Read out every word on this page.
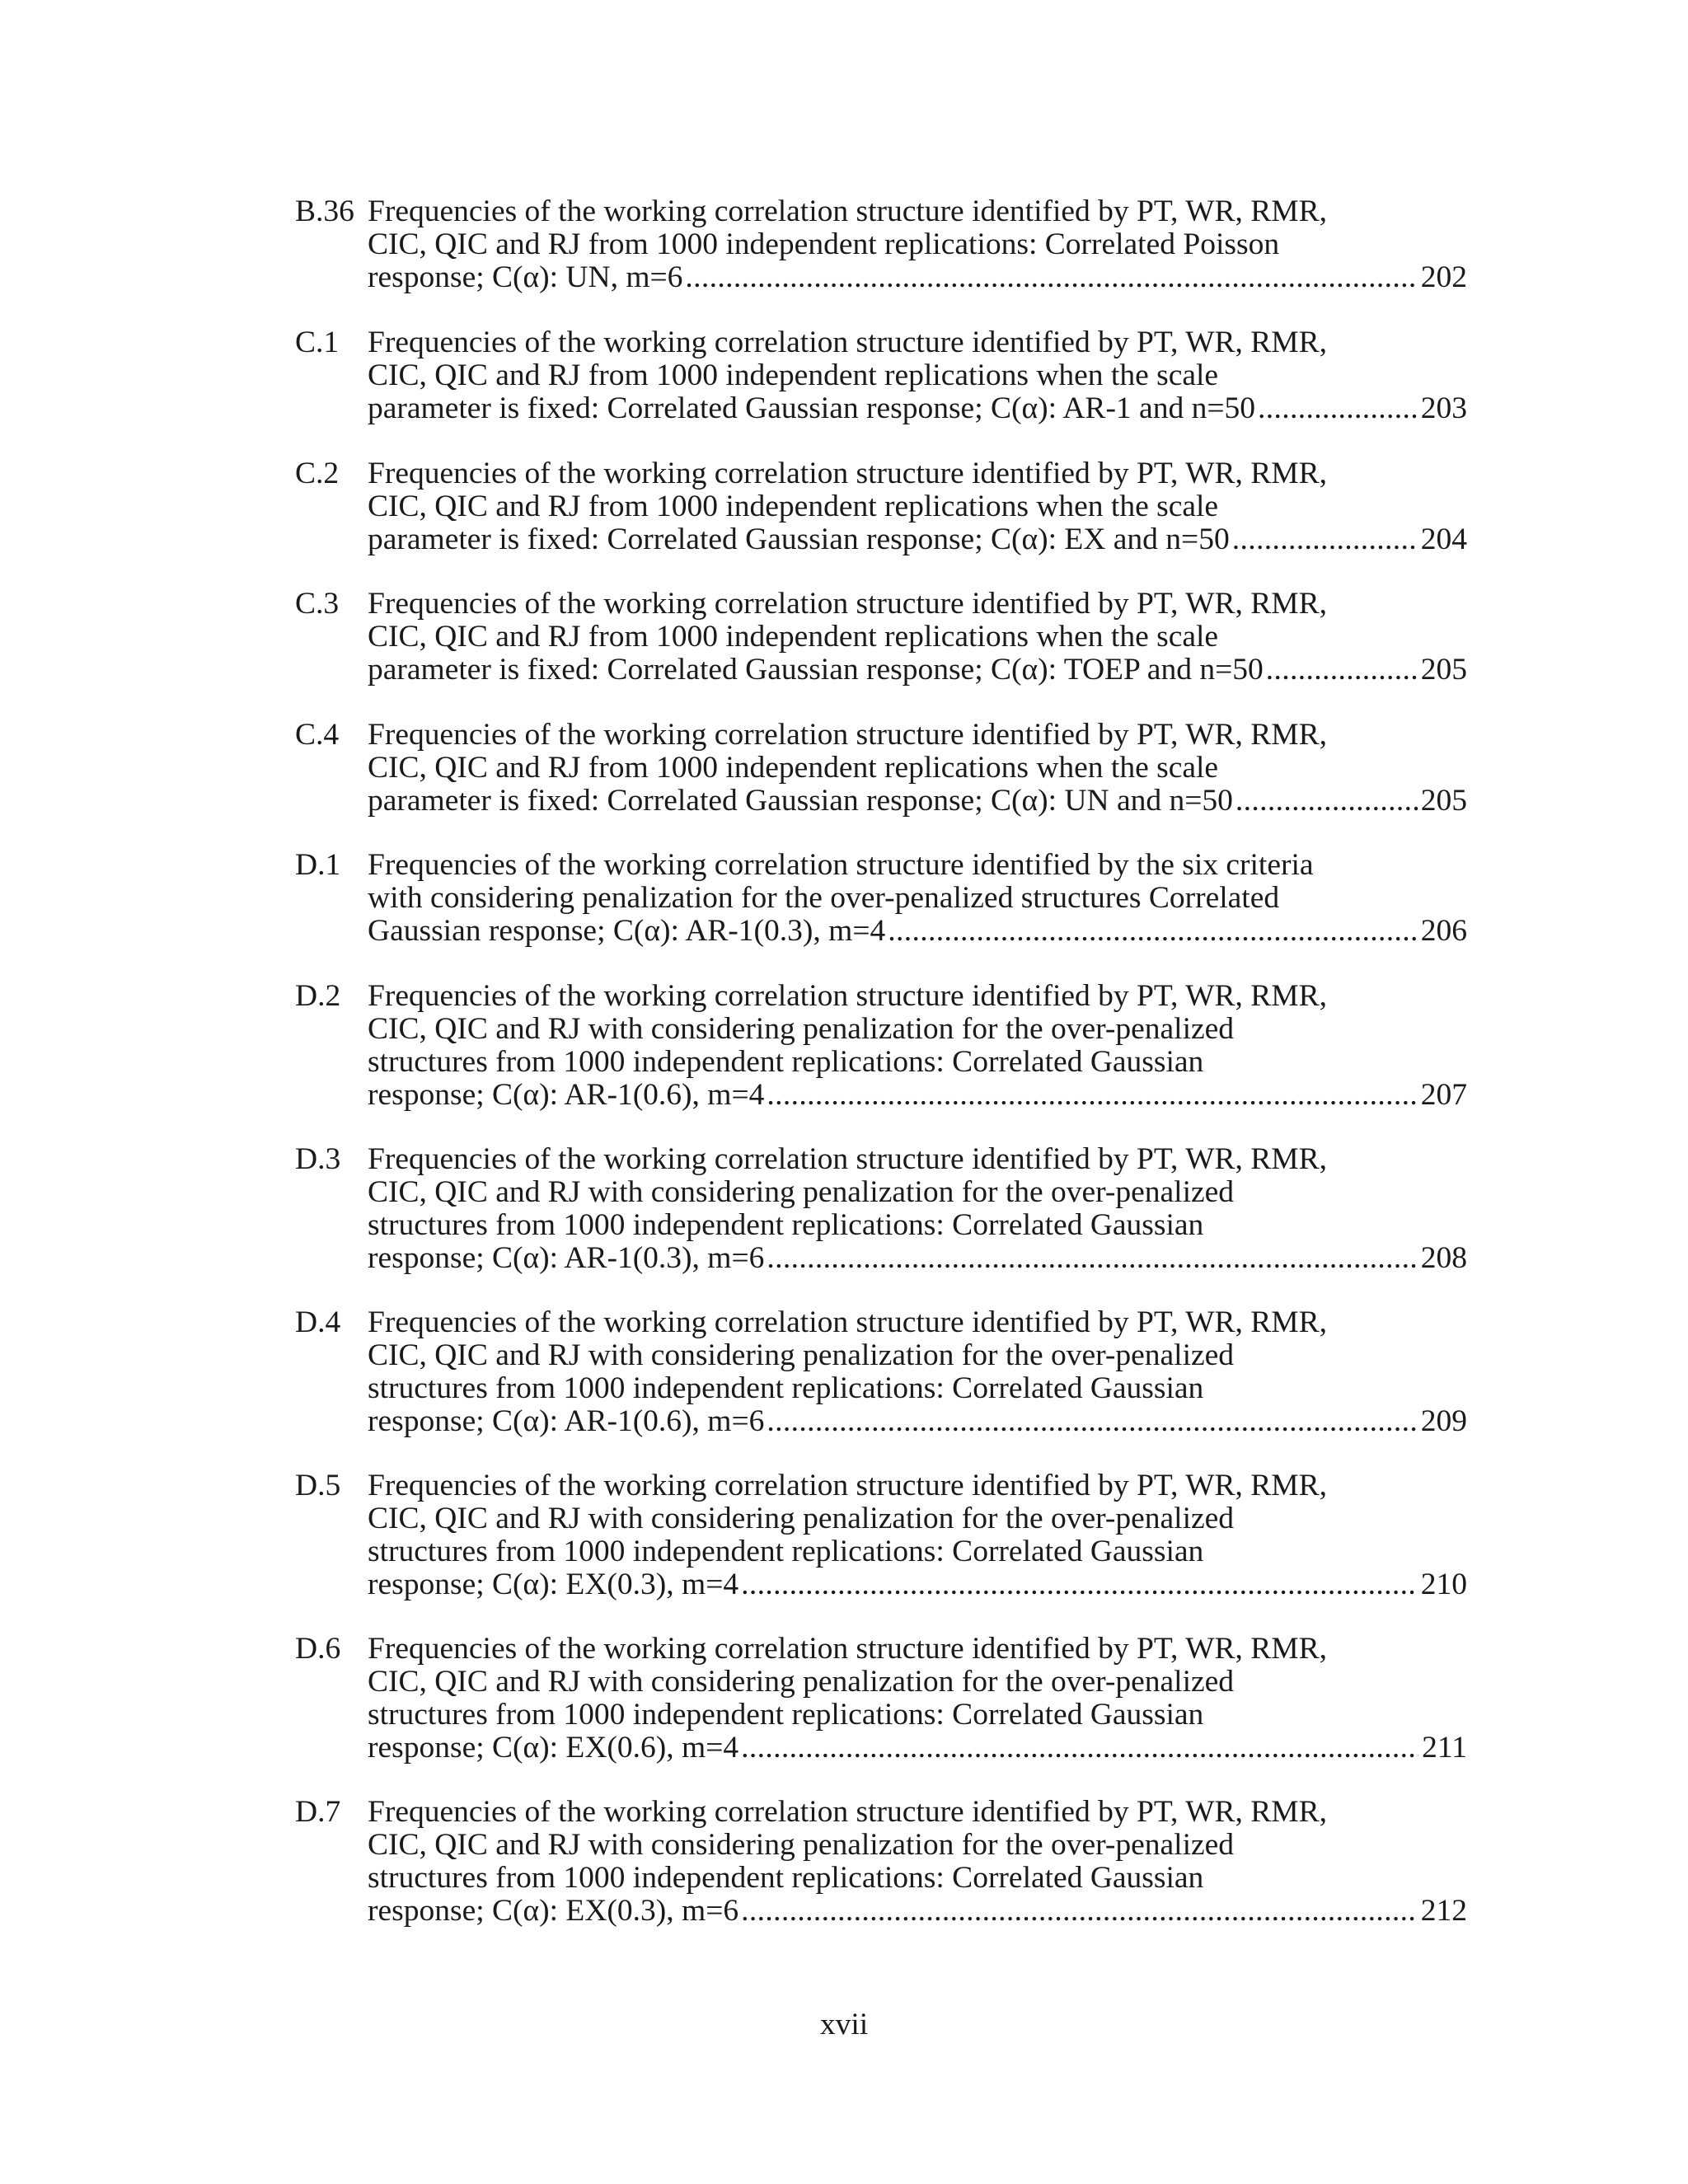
B.36 Frequencies of the working correlation structure identified by PT, WR, RMR,
CIC, QIC and RJ from 1000 independent replications: Correlated Poisson
response; C(α): UN, m=6 . . .	202
C.1 Frequencies of the working correlation structure identified by PT, WR, RMR,
CIC, QIC and RJ from 1000 independent replications when the scale
parameter is fixed: Correlated Gaussian response; C(α): AR-1 and n=50 . . .	203
C.2 Frequencies of the working correlation structure identified by PT, WR, RMR,
CIC, QIC and RJ from 1000 independent replications when the scale
parameter is fixed: Correlated Gaussian response; C(α): EX and n=50 . . .	204
C.3 Frequencies of the working correlation structure identified by PT, WR, RMR,
CIC, QIC and RJ from 1000 independent replications when the scale
parameter is fixed: Correlated Gaussian response; C(α): TOEP and n=50 . . .	205
C.4 Frequencies of the working correlation structure identified by PT, WR, RMR,
CIC, QIC and RJ from 1000 independent replications when the scale
parameter is fixed: Correlated Gaussian response; C(α): UN and n=50 . . .	205
D.1 Frequencies of the working correlation structure identified by the six criteria
with considering penalization for the over-penalized structures Correlated
Gaussian response; C(α): AR-1(0.3), m=4 . . .	206
D.2 Frequencies of the working correlation structure identified by PT, WR, RMR,
CIC, QIC and RJ with considering penalization for the over-penalized
structures from 1000 independent replications: Correlated Gaussian
response; C(α): AR-1(0.6), m=4 . . .	207
D.3 Frequencies of the working correlation structure identified by PT, WR, RMR,
CIC, QIC and RJ with considering penalization for the over-penalized
structures from 1000 independent replications: Correlated Gaussian
response; C(α): AR-1(0.3), m=6 . . .	208
D.4 Frequencies of the working correlation structure identified by PT, WR, RMR,
CIC, QIC and RJ with considering penalization for the over-penalized
structures from 1000 independent replications: Correlated Gaussian
response; C(α): AR-1(0.6), m=6 . . .	209
D.5 Frequencies of the working correlation structure identified by PT, WR, RMR,
CIC, QIC and RJ with considering penalization for the over-penalized
structures from 1000 independent replications: Correlated Gaussian
response; C(α): EX(0.3), m=4 . . .	210
D.6 Frequencies of the working correlation structure identified by PT, WR, RMR,
CIC, QIC and RJ with considering penalization for the over-penalized
structures from 1000 independent replications: Correlated Gaussian
response; C(α): EX(0.6), m=4 . . .	211
D.7 Frequencies of the working correlation structure identified by PT, WR, RMR,
CIC, QIC and RJ with considering penalization for the over-penalized
structures from 1000 independent replications: Correlated Gaussian
response; C(α): EX(0.3), m=6 . . .	212
xvii
